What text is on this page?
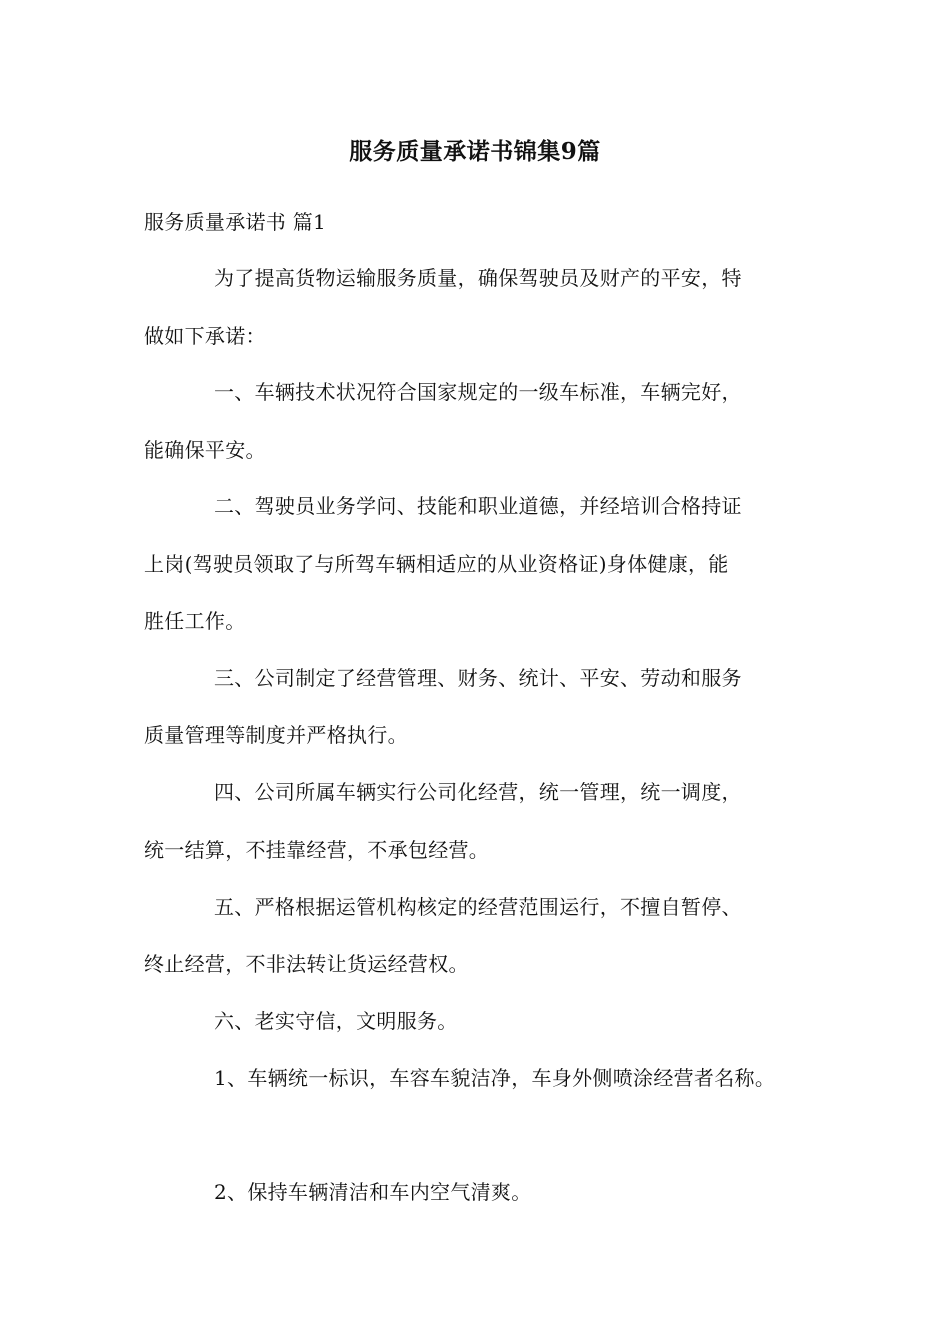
服务质量承诺书锦集9篇
服务质量承诺书 篇1
为了提高货物运输服务质量，确保驾驶员及财产的平安，特
做如下承诺：
一、车辆技术状况符合国家规定的一级车标准，车辆完好，
能确保平安。
二、驾驶员业务学问、技能和职业道德，并经培训合格持证
上岗(驾驶员领取了与所驾车辆相适应的从业资格证)身体健康，能
胜任工作。
三、公司制定了经营管理、财务、统计、平安、劳动和服务
质量管理等制度并严格执行。
四、公司所属车辆实行公司化经营，统一管理，统一调度，
统一结算，不挂靠经营，不承包经营。
五、严格根据运管机构核定的经营范围运行，不擅自暂停、
终止经营，不非法转让货运经营权。
六、老实守信，文明服务。
1、车辆统一标识，车容车貌洁净，车身外侧喷涂经营者名称。
2、保持车辆清洁和车内空气清爽。
